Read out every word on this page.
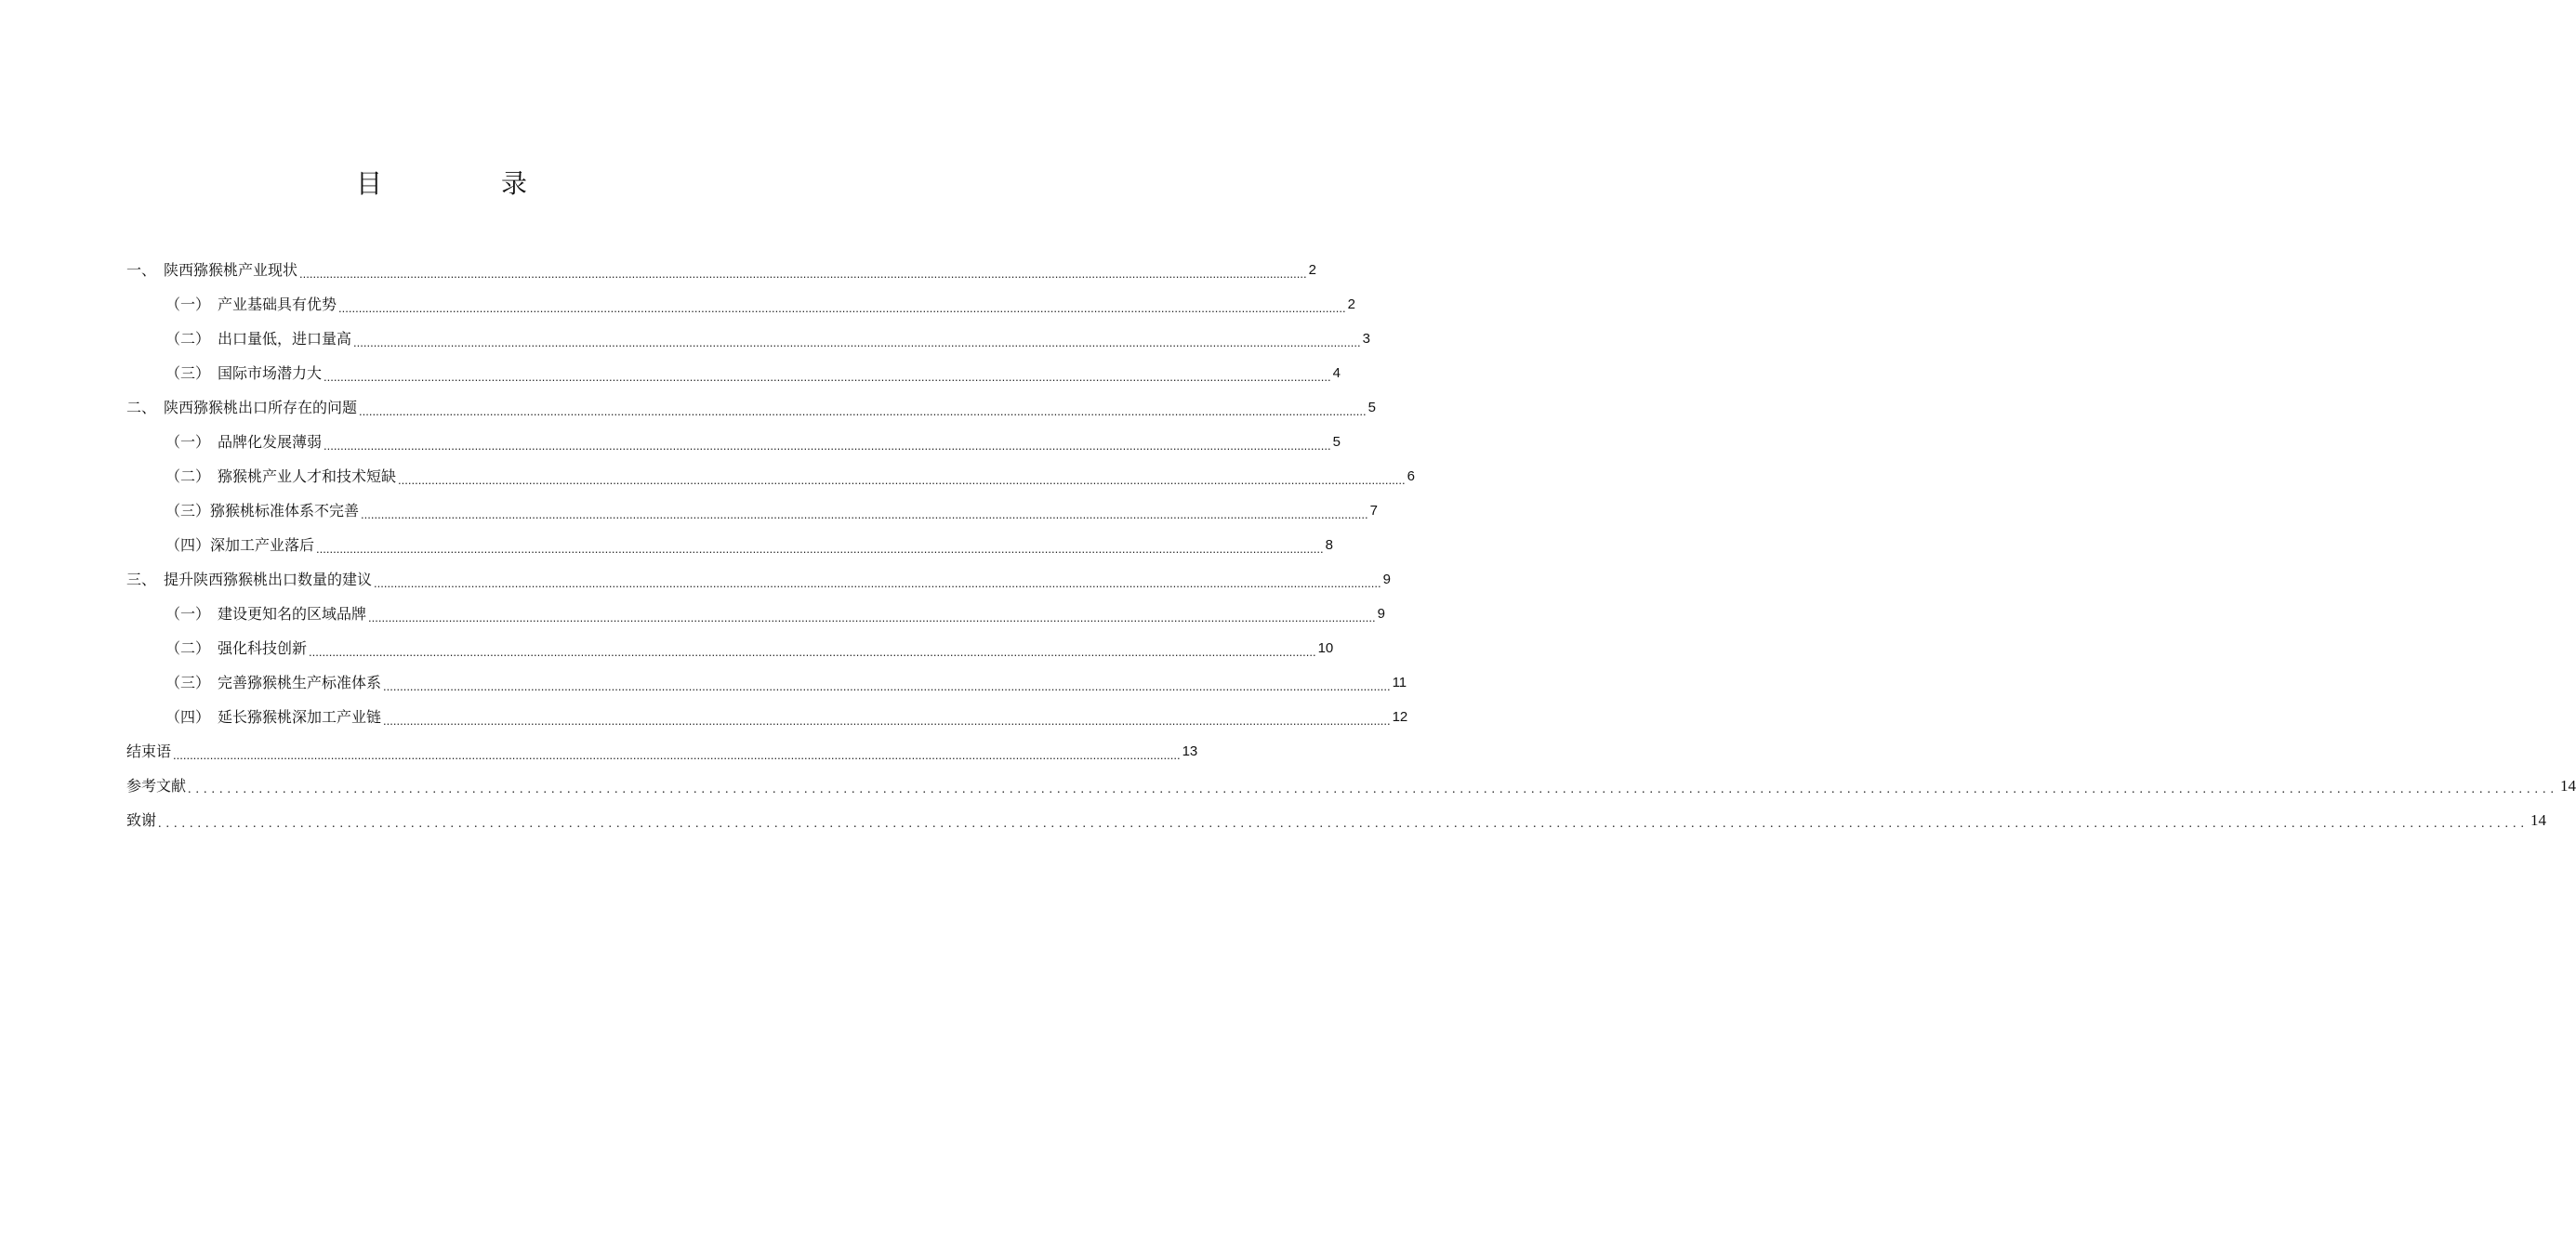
目　录
一、　 陕西猕猴桃产业现状 ............................................................................................................................................................................................................................................................................................................ 2
（一）　 产业基础具有优势 ............................................................................................................................................................................................................................................................................................................ 2
（二）　 出口量低，进口量高 ............................................................................................................................................................................................................................................................................................................ 3
（三）　 国际市场潜力大 ............................................................................................................................................................................................................................................................................................................ 4
二、　 陕西猕猴桃出口所存在的问题 ............................................................................................................................................................................................................................................................................................................ 5
（一）　 品牌化发展薄弱 ............................................................................................................................................................................................................................................................................................................ 5
（二）　 猕猴桃产业人才和技术短缺 ............................................................................................................................................................................................................................................................................................................ 6
（三） 猕猴桃标准体系不完善 ............................................................................................................................................................................................................................................................................................................ 7
（四） 深加工产业落后 ............................................................................................................................................................................................................................................................................................................ 8
三、　 提升陕西猕猴桃出口数量的建议 ............................................................................................................................................................................................................................................................................................................ 9
（一）　 建设更知名的区域品牌 ............................................................................................................................................................................................................................................................................................................ 9
（二）　 强化科技创新 ............................................................................................................................................................................................................................................................................................................ 10
（三）　 完善猕猴桃生产标准体系 ............................................................................................................................................................................................................................................................................................................ 11
（四）　 延长猕猴桃深加工产业链 ............................................................................................................................................................................................................................................................................................................ 12
结束语 ............................................................................................................................................................................................................................................................................................................ 13
参考文献 ............................................................................................................................................................................................................................................................................................................ 14
致谢 ............................................................................................................................................................................................................................................................................................................ 14
